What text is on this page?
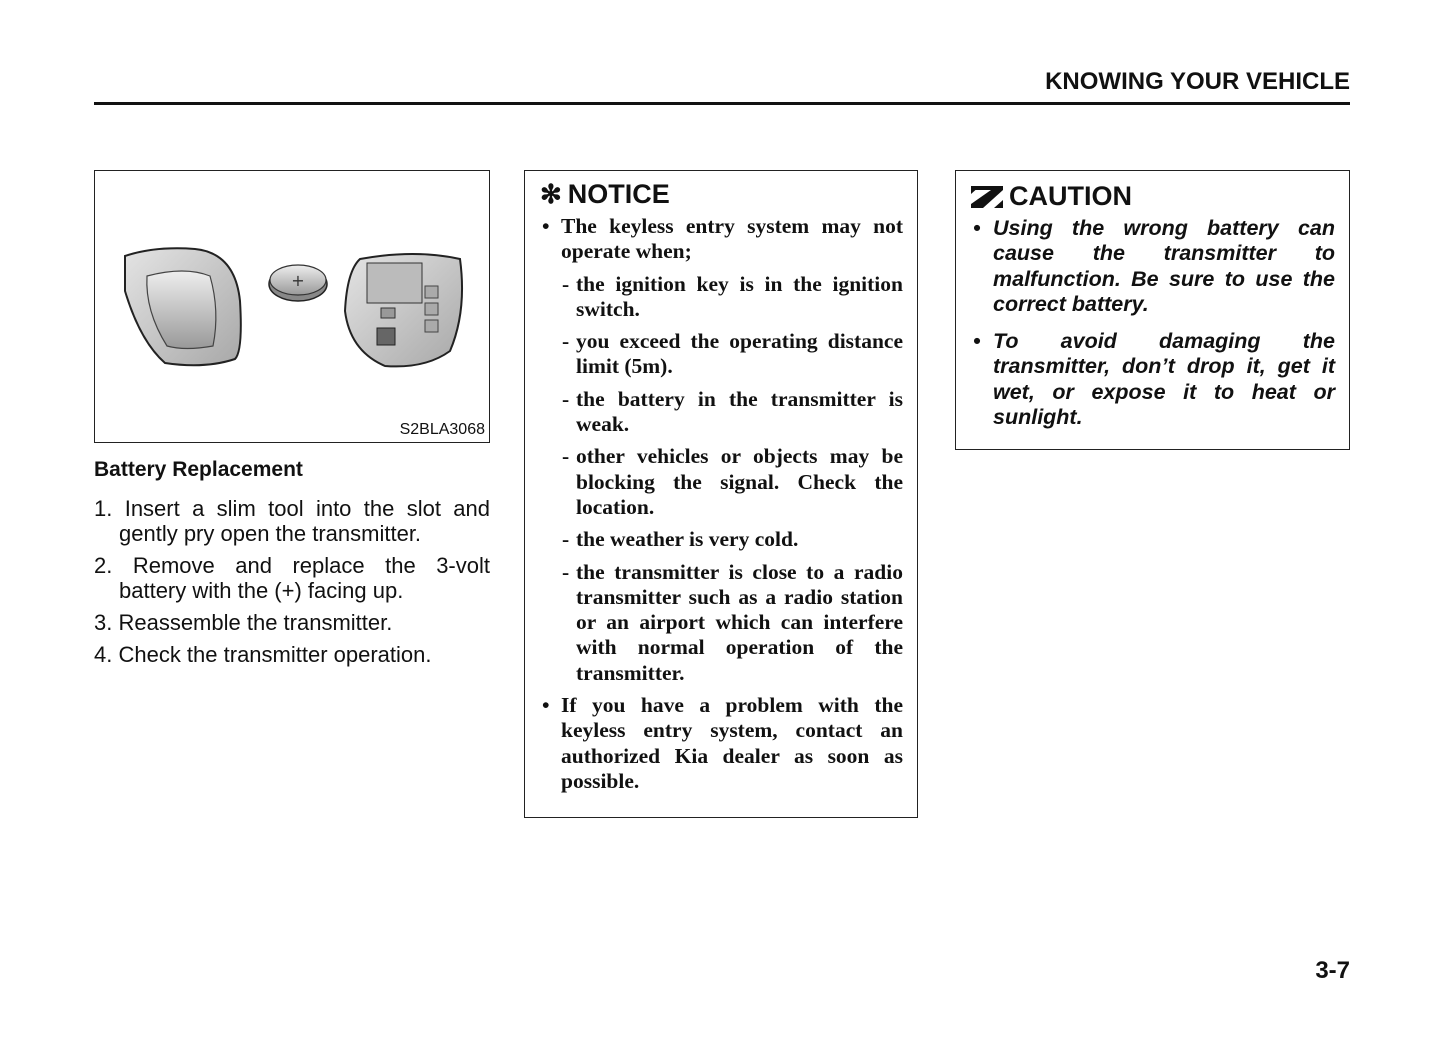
KNOWING YOUR VEHICLE
+
S2BLA3068
Battery Replacement
1. Insert a slim tool into the slot and gently pry open the transmitter.
2. Remove and replace the 3-volt battery with the (+) facing up.
3. Reassemble the transmitter.
4. Check the transmitter operation.
✻ NOTICE
• The keyless entry system may not operate when;
- the ignition key is in the ignition switch.
- you exceed the operating distance limit (5m).
- the battery in the transmitter is weak.
- other vehicles or objects may be blocking the signal. Check the location.
- the weather is very cold.
- the transmitter is close to a radio transmitter such as a radio station or an airport which can interfere with normal operation of the transmitter.
• If you have a problem with the keyless entry system, contact an authorized Kia dealer as soon as possible.
CAUTION
• Using the wrong battery can cause the transmitter to malfunction. Be sure to use the correct battery.
• To avoid damaging the transmitter, don’t drop it, get it wet, or expose it to heat or sunlight.
3-7
